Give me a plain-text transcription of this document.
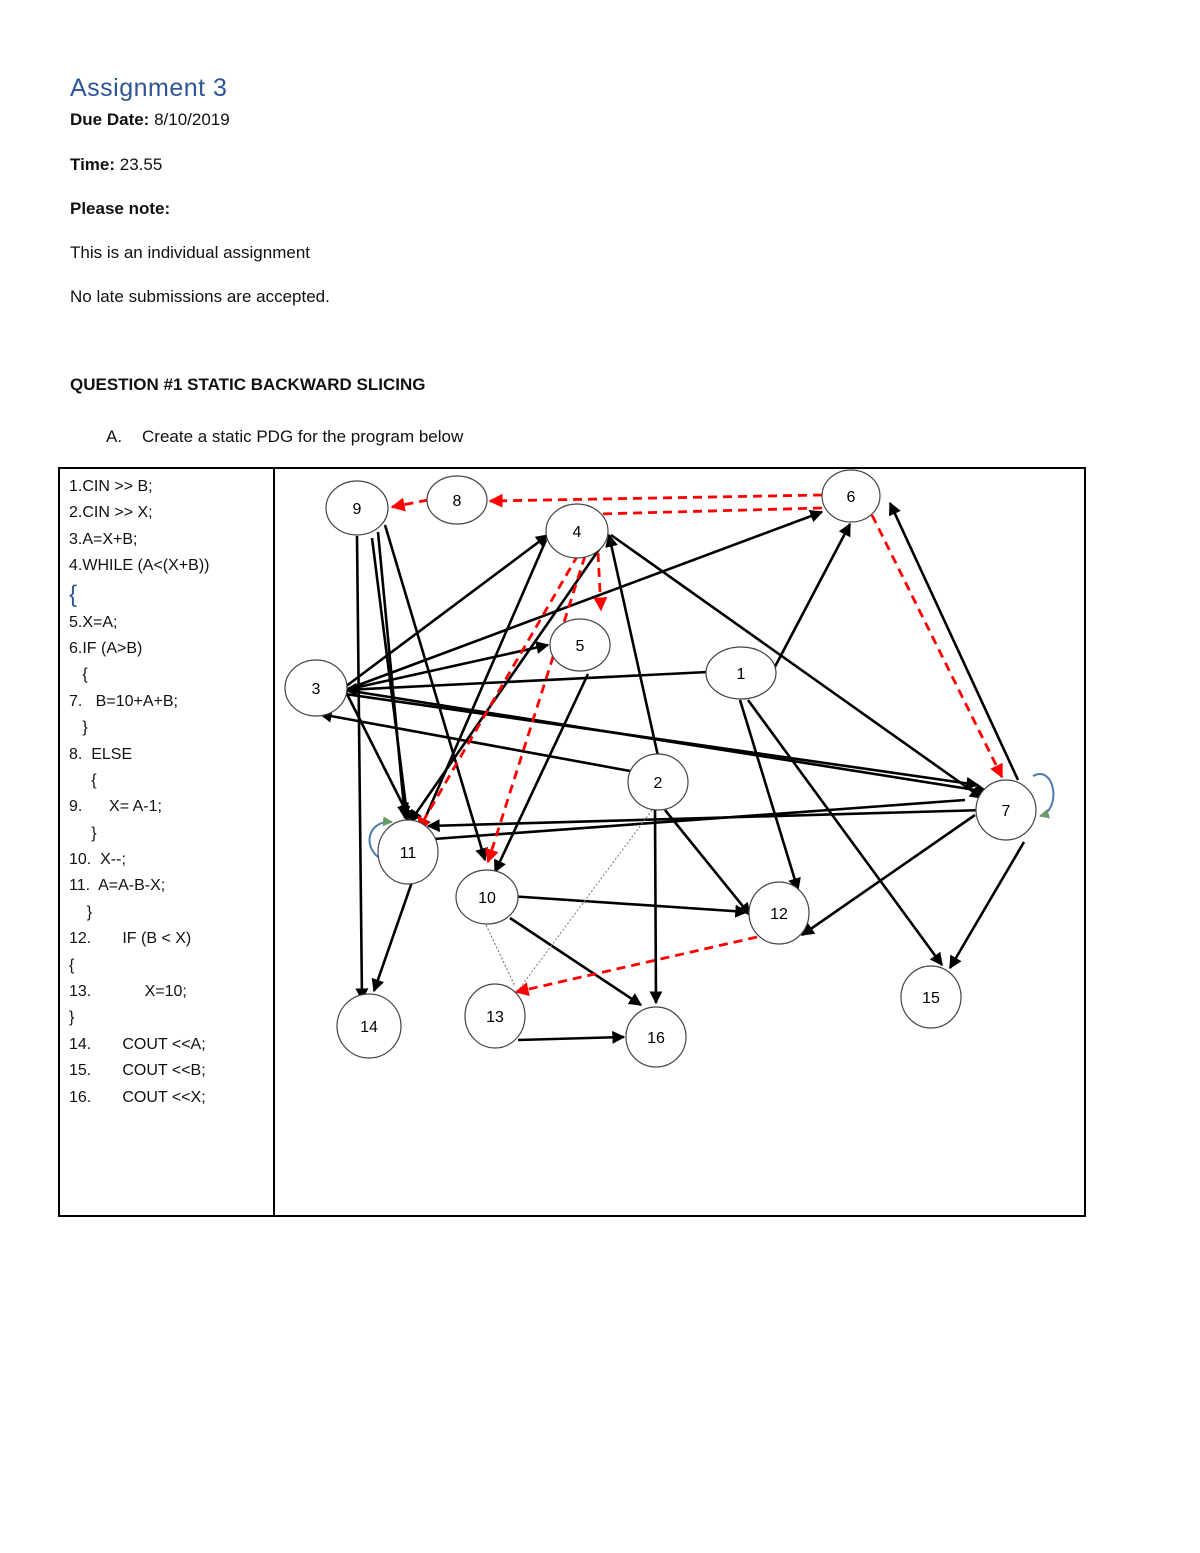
Assignment 3
Due Date: 8/10/2019
Time: 23.55
Please note:
This is an individual assignment
No late submissions are accepted.
QUESTION #1 STATIC BACKWARD SLICING
A. Create a static PDG for the program below
1.CIN >> B;
2.CIN >> X;
3.A=X+B;
4.WHILE (A<(X+B))
{
5.X=A;
6.IF (A>B)
{
7.   B=10+A+B;
}
8.  ELSE
{
9.      X= A-1;
}
10.  X--;
11.  A=A-B-X;
}
12.       IF (B < X)
{
13.            X=10;
}
14.       COUT <<A;
15.       COUT <<B;
16.       COUT <<X;
1
2
3
4
5
6
7
8
9
10
11
12
13
14
15
16
